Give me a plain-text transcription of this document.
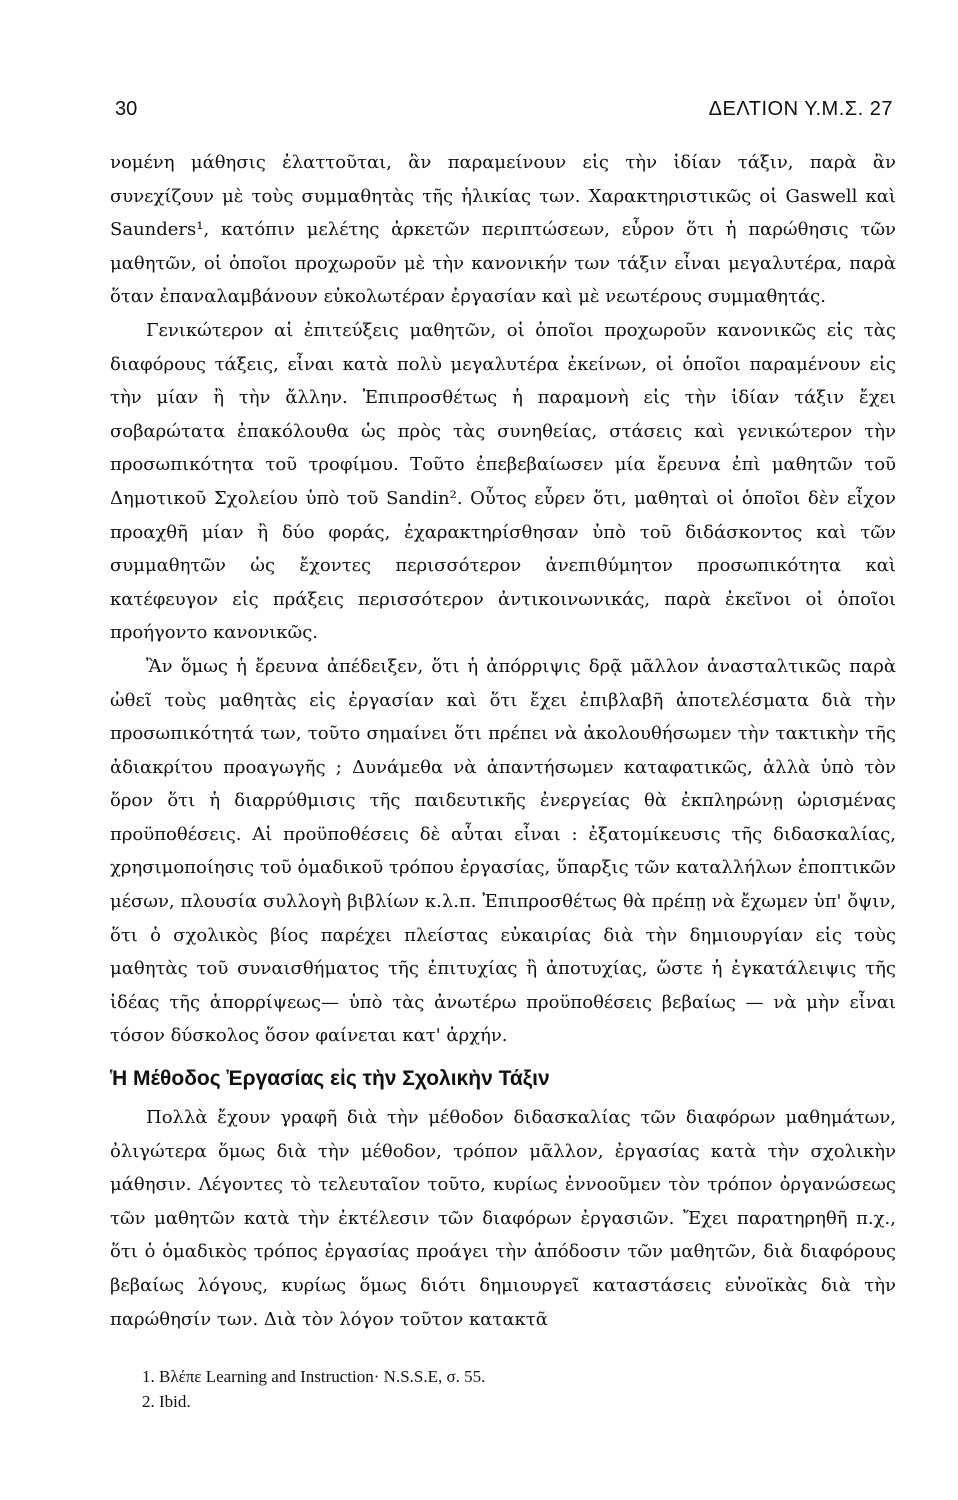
30	ΔΕΛΤΙΟΝ Υ.Μ.Σ. 27

νομένη μάθησις ἐλαττοῦται, ἂν παραμείνουν εἰς τὴν ἰδίαν τάξιν, παρὰ ἂν συνεχίζουν μὲ τοὺς συμμαθητὰς τῆς ἡλικίας των. Χαρακτηριστικῶς οἱ Gaswell καὶ Saunders¹, κατόπιν μελέτης ἀρκετῶν περιπτώσεων, εὗρον ὅτι ἡ παρώθησις τῶν μαθητῶν, οἱ ὁποῖοι προχωροῦν μὲ τὴν κανονικήν των τάξιν εἶναι μεγαλυτέρα, παρὰ ὅταν ἐπαναλαμβάνουν εὐκολωτέραν ἐργασίαν καὶ μὲ νεωτέρους συμμαθητάς.

Γενικώτερον αἱ ἐπιτεύξεις μαθητῶν, οἱ ὁποῖοι προχωροῦν κανονικῶς εἰς τὰς διαφόρους τάξεις, εἶναι κατὰ πολὺ μεγαλυτέρα ἐκείνων, οἱ ὁποῖοι παραμένουν εἰς τὴν μίαν ἢ τὴν ἄλλην. Ἐπιπροσθέτως ἡ παραμονὴ εἰς τὴν ἰδίαν τάξιν ἔχει σοβαρώτατα ἐπακόλουθα ὡς πρὸς τὰς συνηθείας, στάσεις καὶ γενικώτερον τὴν προσωπικότητα τοῦ τροφίμου. Τοῦτο ἐπεβεβαίωσεν μία ἔρευνα ἐπὶ μαθητῶν τοῦ Δημοτικοῦ Σχολείου ὑπὸ τοῦ Sandin². Οὗτος εὗρεν ὅτι, μαθηταὶ οἱ ὁποῖοι δὲν εἶχον προαχθῆ μίαν ἢ δύο φοράς, ἐχαρακτηρίσθησαν ὑπὸ τοῦ διδάσκοντος καὶ τῶν συμμαθητῶν ὡς ἔχοντες περισσότερον ἀνεπιθύμητον προσωπικότητα καὶ κατέφευγον εἰς πράξεις περισσότερον ἀντικοινωνικάς, παρὰ ἐκεῖνοι οἱ ὁποῖοι προήγοντο κανονικῶς.

Ἂν ὅμως ἡ ἔρευνα ἀπέδειξεν, ὅτι ἡ ἀπόρριψις δρᾷ μᾶλλον ἀνασταλτικῶς παρὰ ὠθεῖ τοὺς μαθητὰς εἰς ἐργασίαν καὶ ὅτι ἔχει ἐπιβλαβῆ ἀποτελέσματα διὰ τὴν προσωπικότητά των, τοῦτο σημαίνει ὅτι πρέπει νὰ ἀκολουθήσωμεν τὴν τακτικὴν τῆς ἀδιακρίτου προαγωγῆς ; Δυνάμεθα νὰ ἀπαντήσωμεν καταφατικῶς, ἀλλὰ ὑπὸ τὸν ὅρον ὅτι ἡ διαρρύθμισις τῆς παιδευτικῆς ἐνεργείας θὰ ἐκπληρώνῃ ὡρισμένας προϋποθέσεις. Αἱ προϋποθέσεις δὲ αὗται εἶναι : ἐξατομίκευσις τῆς διδασκαλίας, χρησιμοποίησις τοῦ ὁμαδικοῦ τρόπου ἐργασίας, ὕπαρξις τῶν καταλλήλων ἐποπτικῶν μέσων, πλουσία συλλογὴ βιβλίων κ.λ.π. Ἐπιπροσθέτως θὰ πρέπῃ νὰ ἔχωμεν ὑπ' ὄψιν, ὅτι ὁ σχολικὸς βίος παρέχει πλείστας εὐκαιρίας διὰ τὴν δημιουργίαν εἰς τοὺς μαθητὰς τοῦ συναισθήματος τῆς ἐπιτυχίας ἢ ἀποτυχίας, ὥστε ἡ ἐγκατάλειψις τῆς ἰδέας τῆς ἀπορρίψεως— ὑπὸ τὰς ἀνωτέρω προϋποθέσεις βεβαίως — νὰ μὴν εἶναι τόσον δύσκολος ὅσον φαίνεται κατ' ἀρχήν.

Ἡ Μέθοδος Ἐργασίας εἰς τὴν Σχολικὴν Τάξιν

Πολλὰ ἔχουν γραφῆ διὰ τὴν μέθοδον διδασκαλίας τῶν διαφόρων μαθημάτων, ὀλιγώτερα ὅμως διὰ τὴν μέθοδον, τρόπον μᾶλλον, ἐργασίας κατὰ τὴν σχολικὴν μάθησιν. Λέγοντες τὸ τελευταῖον τοῦτο, κυρίως ἐννοοῦμεν τὸν τρόπον ὀργανώσεως τῶν μαθητῶν κατὰ τὴν ἐκτέλεσιν τῶν διαφόρων ἐργασιῶν. Ἔχει παρατηρηθῆ π.χ., ὅτι ὁ ὁμαδικὸς τρόπος ἐργασίας προάγει τὴν ἀπόδοσιν τῶν μαθητῶν, διὰ διαφόρους βεβαίως λόγους, κυρίως ὅμως διότι δημιουργεῖ καταστάσεις εὐνοϊκὰς διὰ τὴν παρώθησίν των. Διὰ τὸν λόγον τοῦτον κατακτᾶ

1. Βλέπε Learning and Instruction· N.S.S.E, σ. 55.
2. Ibid.
